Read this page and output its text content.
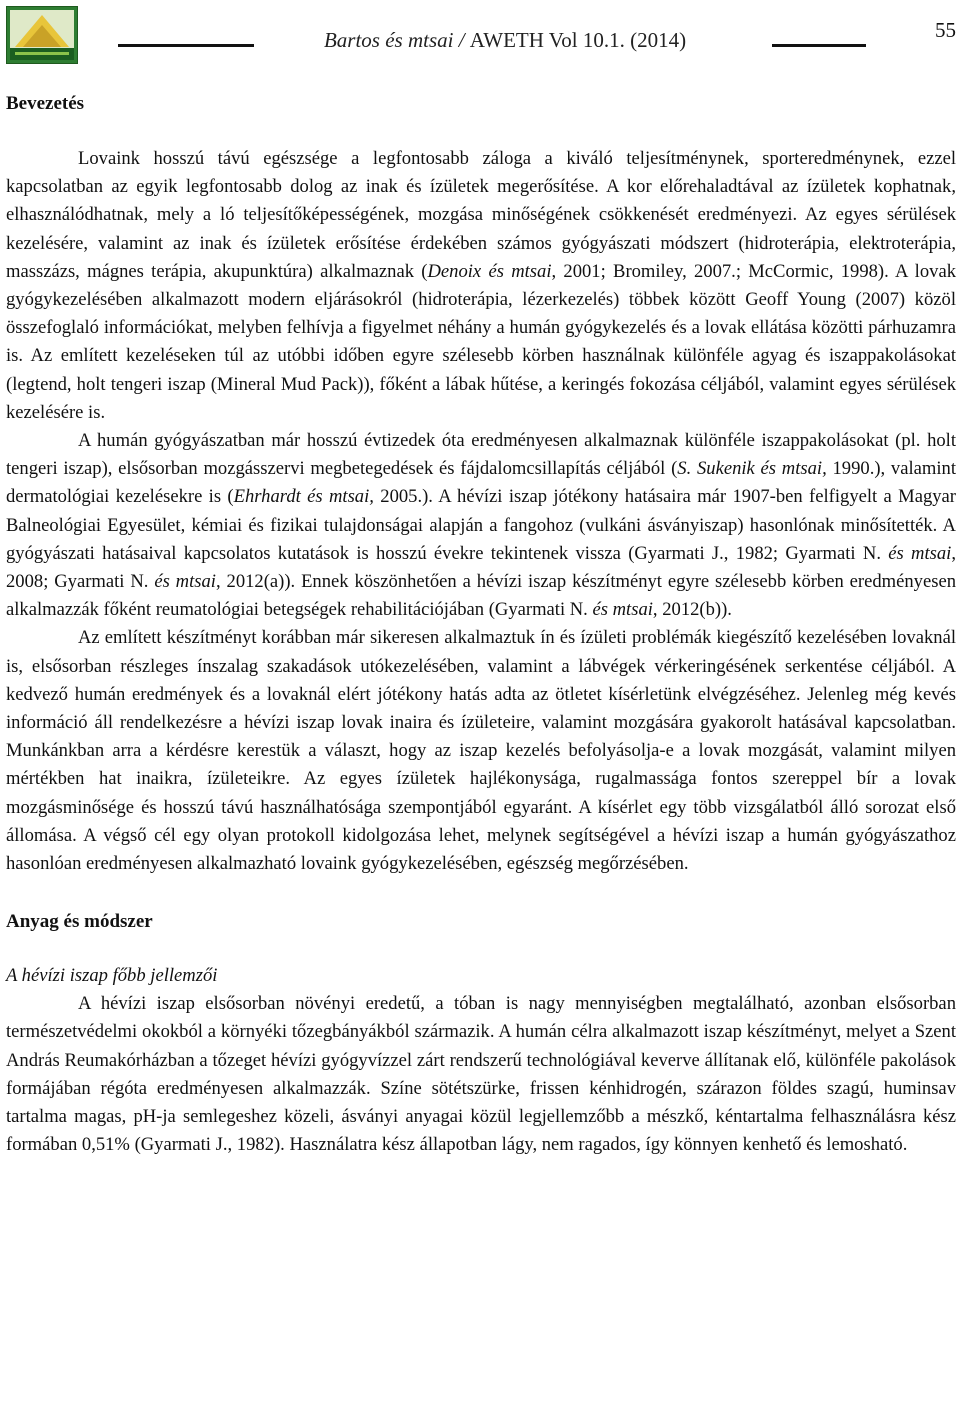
Bartos és mtsai / AWETH Vol 10.1. (2014)	55
Bevezetés

Lovaink hosszú távú egészsége a legfontosabb záloga a kiváló teljesítménynek, sporteredménynek, ezzel kapcsolatban az egyik legfontosabb dolog az inak és ízületek megerősítése. A kor előrehaladtával az ízületek kophatnak, elhasználódhatnak, mely a ló teljesítőképességének, mozgása minőségének csökkenését eredményezi. Az egyes sérülések kezelésére, valamint az inak és ízületek erősítése érdekében számos gyógyászati módszert (hidroterápia, elektroterápia, masszázs, mágnes terápia, akupunktúra) alkalmaznak (Denoix és mtsai, 2001; Bromiley, 2007.; McCormic, 1998). A lovak gyógykezelésében alkalmazott modern eljárásokról (hidroterápia, lézerkezelés) többek között Geoff Young (2007) közöl összefoglaló információkat, melyben felhívja a figyelmet néhány a humán gyógykezelés és a lovak ellátása közötti párhuzamra is. Az említett kezeléseken túl az utóbbi időben egyre szélesebb körben használnak különféle agyag és iszappakolásokat (legtend, holt tengeri iszap (Mineral Mud Pack)), főként a lábak hűtése, a keringés fokozása céljából, valamint egyes sérülések kezelésére is.

A humán gyógyászatban már hosszú évtizedek óta eredményesen alkalmaznak különféle iszappakolásokat (pl. holt tengeri iszap), elsősorban mozgásszervi megbetegedések és fájdalomcsillapítás céljából (S. Sukenik és mtsai, 1990.), valamint dermatológiai kezelésekre is (Ehrhardt és mtsai, 2005.). A hévízi iszap jótékony hatásaira már 1907-ben felfigyelt a Magyar Balneológiai Egyesület, kémiai és fizikai tulajdonságai alapján a fangohoz (vulkáni ásványiszap) hasonlónak minősítették. A gyógyászati hatásaival kapcsolatos kutatások is hosszú évekre tekintenek vissza (Gyarmati J., 1982; Gyarmati N. és mtsai, 2008; Gyarmati N. és mtsai, 2012(a)). Ennek köszönhetően a hévízi iszap készítményt egyre szélesebb körben eredményesen alkalmazzák főként reumatológiai betegségek rehabilitációjában (Gyarmati N. és mtsai, 2012(b)).

Az említett készítményt korábban már sikeresen alkalmaztuk ín és ízületi problémák kiegészítő kezelésében lovaknál is, elsősorban részleges ínszalag szakadások utókezelésében, valamint a lábvégek vérkeringésének serkentése céljából. A kedvező humán eredmények és a lovaknál elért jótékony hatás adta az ötletet kísérletünk elvégzéséhez. Jelenleg még kevés információ áll rendelkezésre a hévízi iszap lovak inaira és ízületeire, valamint mozgására gyakorolt hatásával kapcsolatban. Munkánkban arra a kérdésre kerestük a választ, hogy az iszap kezelés befolyásolja-e a lovak mozgását, valamint milyen mértékben hat inaikra, ízületeikre. Az egyes ízületek hajlékonysága, rugalmassága fontos szereppel bír a lovak mozgásminősége és hosszú távú használhatósága szempontjából egyaránt. A kísérlet egy több vizsgálatból álló sorozat első állomása. A végső cél egy olyan protokoll kidolgozása lehet, melynek segítségével a hévízi iszap a humán gyógyászathoz hasonlóan eredményesen alkalmazható lovaink gyógykezelésében, egészség megőrzésében.

Anyag és módszer
A hévízi iszap főbb jellemzői

A hévízi iszap elsősorban növényi eredetű, a tóban is nagy mennyiségben megtalálható, azonban elsősorban természetvédelmi okokból a környéki tőzegbányákból származik. A humán célra alkalmazott iszap készítményt, melyet a Szent András Reumakórházban a tőzeget hévízi gyógyvízzel zárt rendszerű technológiával keverve állítanak elő, különféle pakolások formájában régóta eredményesen alkalmazzák. Színe sötétszürke, frissen kénhidrogén, szárazon földes szagú, huminsav tartalma magas, pH-ja semlegeshez közeli, ásványi anyagai közül legjellemzőbb a mészkő, kéntartalma felhasználásra kész formában 0,51% (Gyarmati J., 1982). Használatra kész állapotban lágy, nem ragados, így könnyen kenhető és lemosható.
